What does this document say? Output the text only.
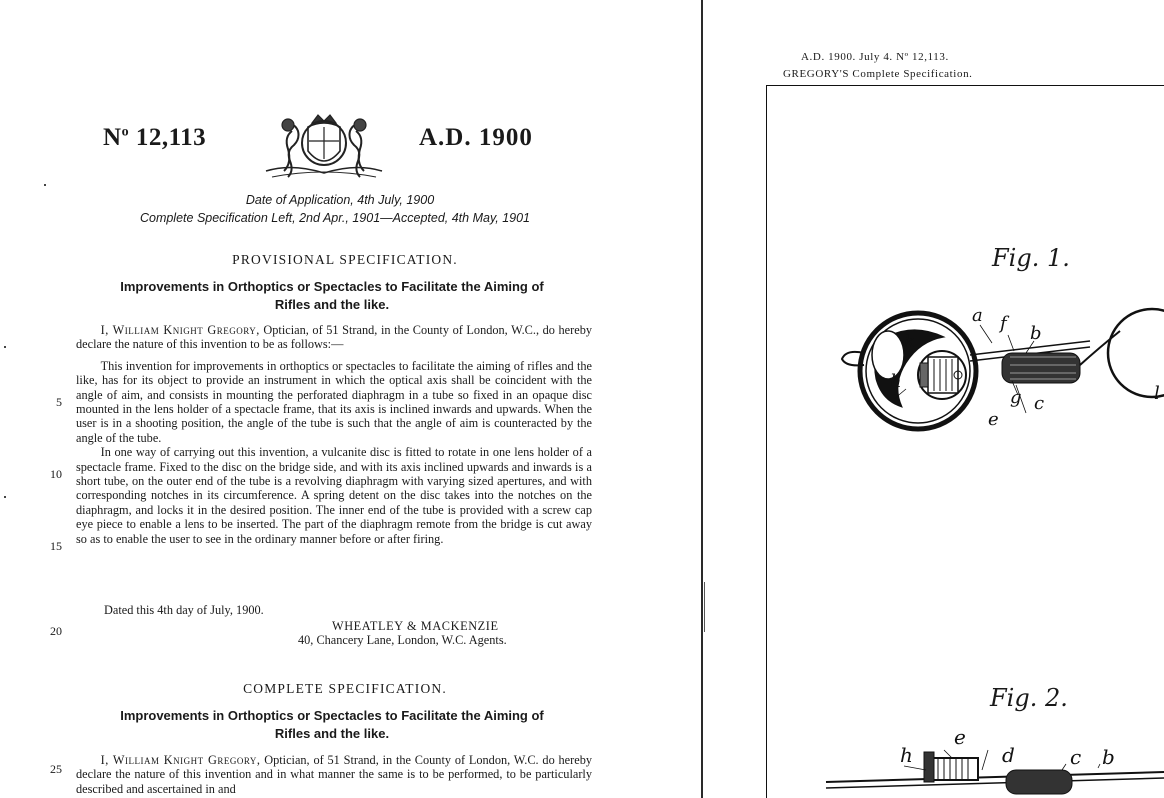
$N^o$ 12,113	A.D. 1900
Date of Application, 4th July, 1900
Complete Specification Left, 2nd Apr., 1901—Accepted, 4th May, 1901
PROVISIONAL SPECIFICATION.
Improvements in Orthoptics or Spectacles to Facilitate the Aiming of
Rifles and the like.

I, William Knight Gregory, Optician, of 51 Strand, in the County of London, W.C., do hereby declare the nature of this invention to be as follows:—

This invention for improvements in orthoptics or spectacles to facilitate the aiming of rifles and the like, has for its object to provide an instrument in which the optical axis shall be coincident with the angle of aim, and consists in mounting the perforated diaphragm in a tube so fixed in an opaque disc mounted in the lens holder of a spectacle frame, that its axis is inclined inwards and upwards. When the user is in a shooting position, the angle of the tube is such that the angle of aim is counteracted by the angle of the tube.

In one way of carrying out this invention, a vulcanite disc is fitted to rotate in one lens holder of a spectacle frame. Fixed to the disc on the bridge side, and with its axis inclined upwards and inwards is a short tube, on the outer end of the tube is a revolving diaphragm with varying sized apertures, and with corresponding notches in its circumference. A spring detent on the disc takes into the notches on the diaphragm, and locks it in the desired position. The inner end of the tube is provided with a screw cap eye piece to enable a lens to be inserted. The part of the diaphragm remote from the bridge is cut away so as to enable the user to see in the ordinary manner before or after firing.

5
10
15
20
25
Dated this 4th day of July, 1900.
WHEATLEY & MACKENZIE
40, Chancery Lane, London, W.C. Agents.
COMPLETE SPECIFICATION.
Improvements in Orthoptics or Spectacles to Facilitate the Aiming of
Rifles and the like.

I, William Knight Gregory, Optician, of 51 Strand, in the County of London, W.C. do hereby declare the nature of this invention and in what manner the same is to be performed, to be particularly described and ascertained in and

A.D. 1900. July 4. Nº 12,113.
GREGORY'S Complete Specification.
Fig. 1.
Fig. 2.
a f b
k
h
g c
e
l
h
e
d	c b
